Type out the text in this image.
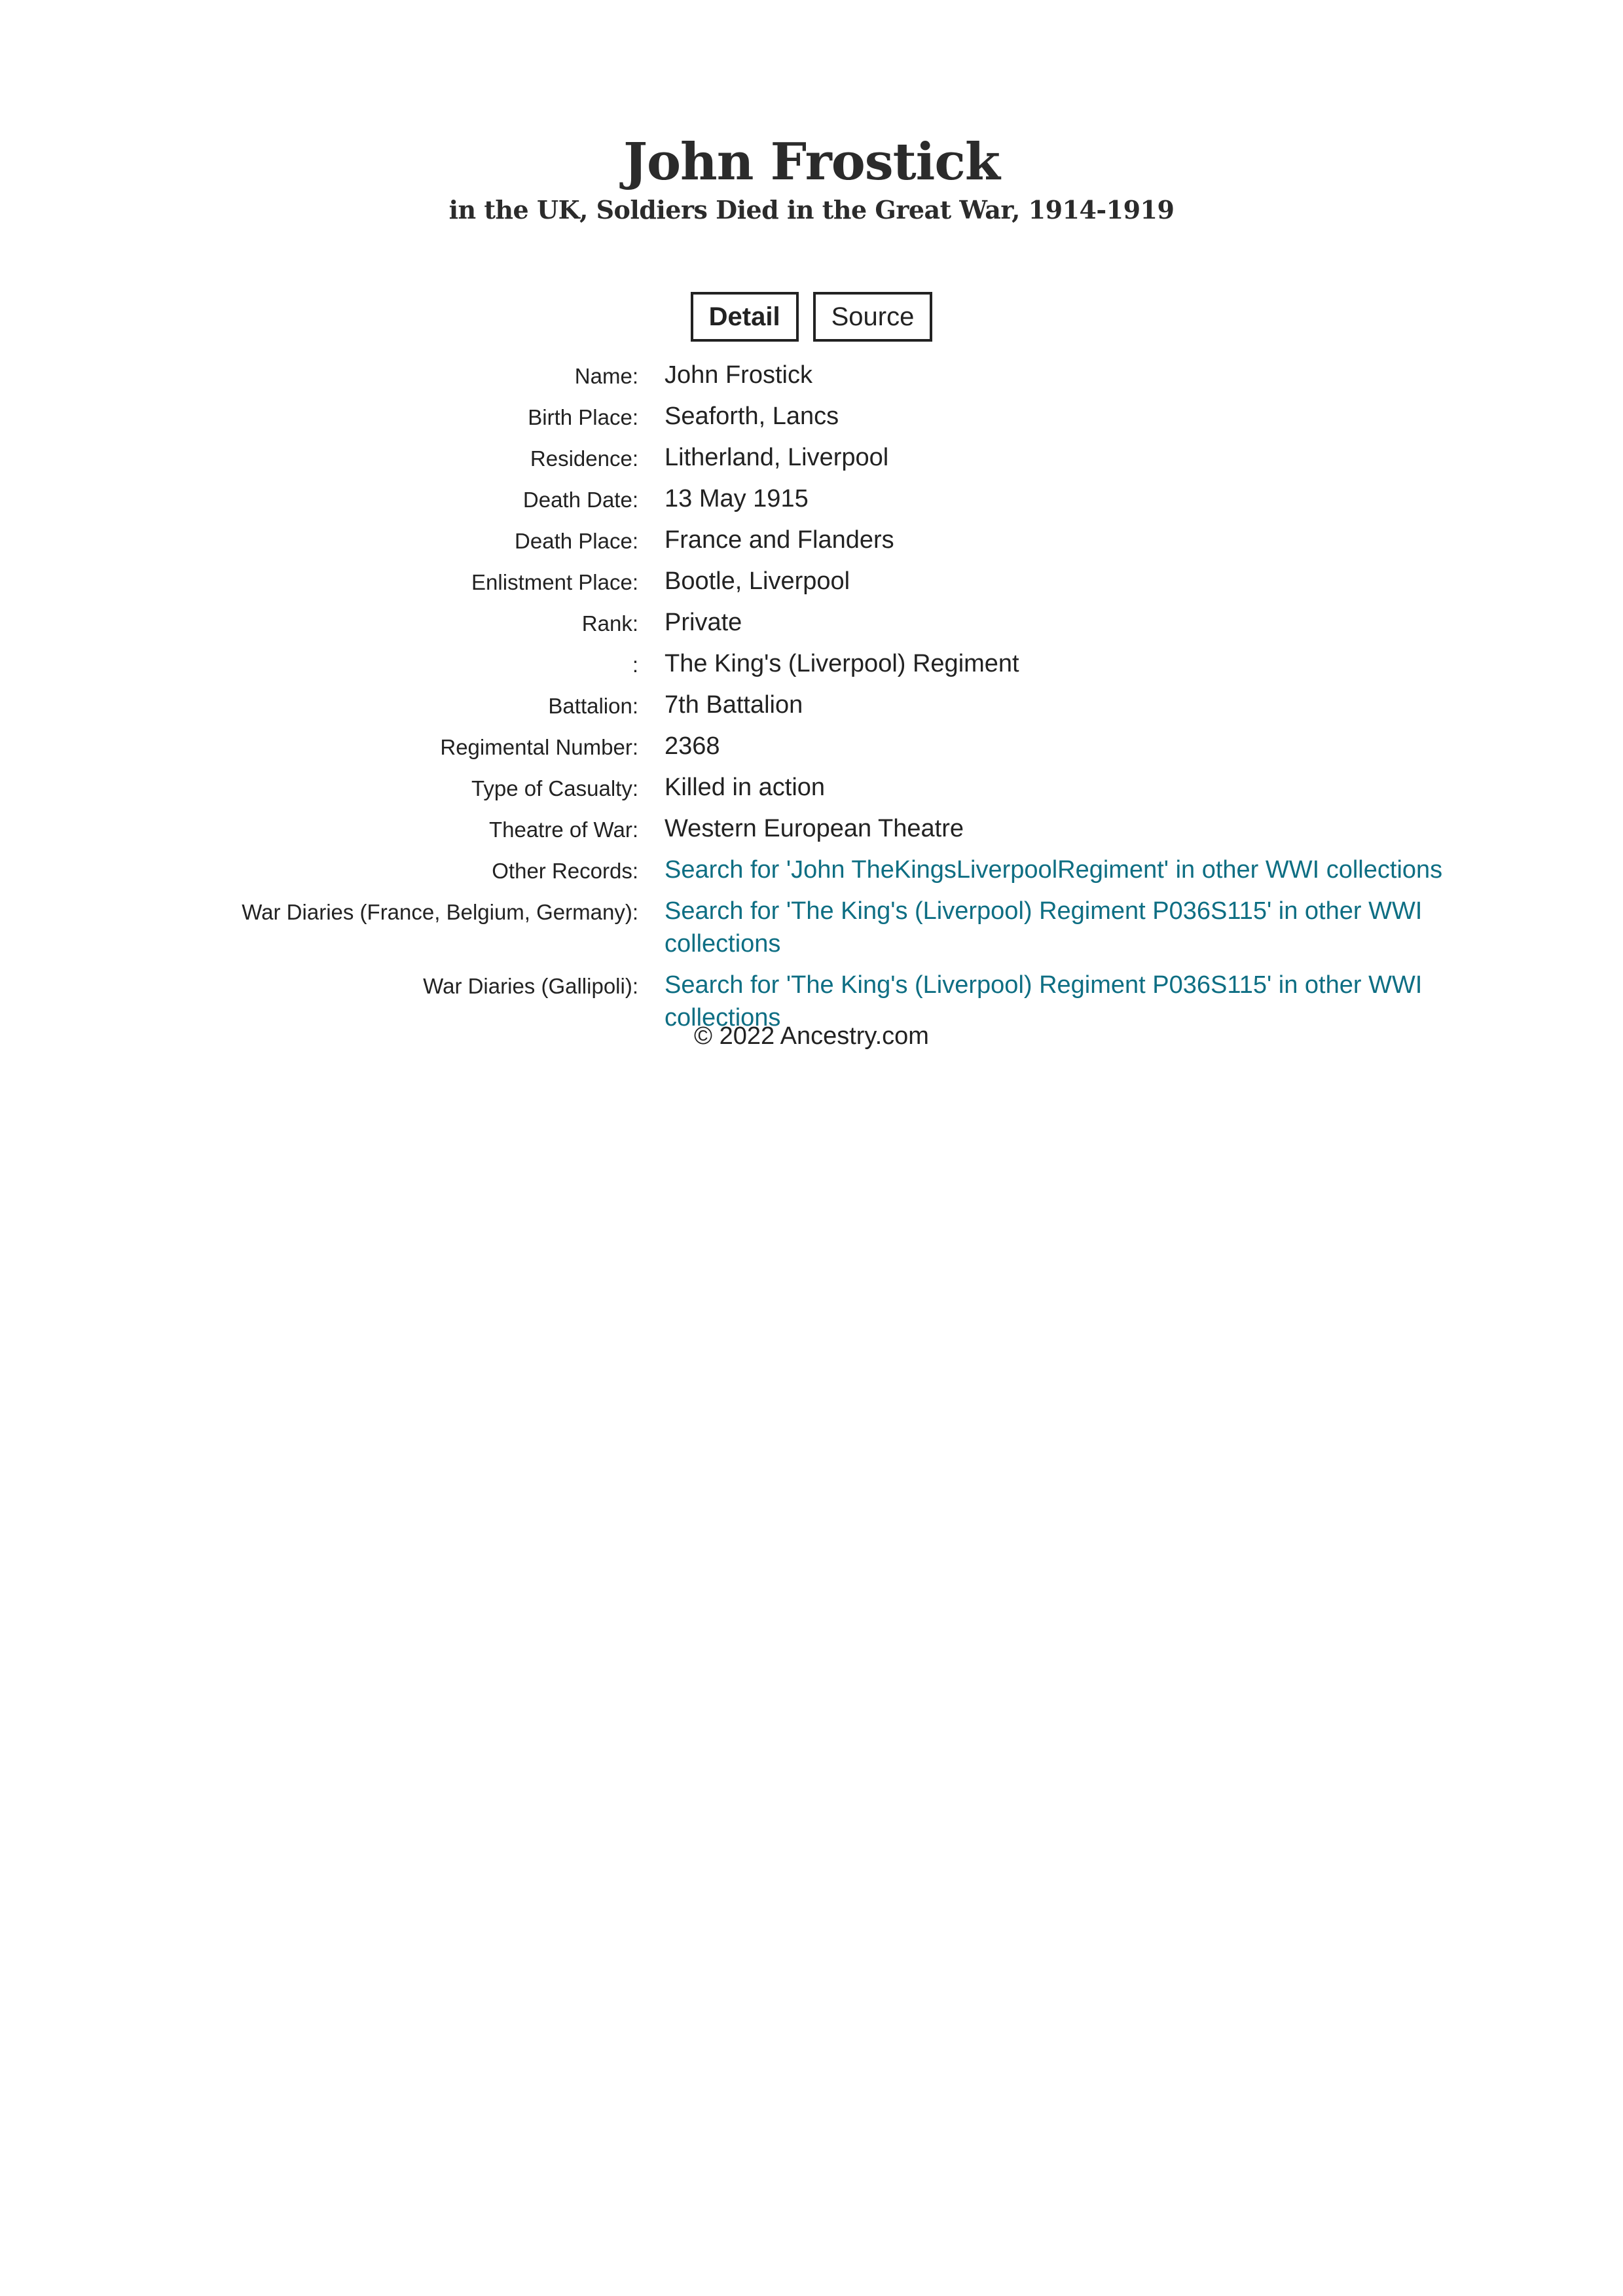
John Frostick
in the UK, Soldiers Died in the Great War, 1914-1919
Detail	Source
Name: John Frostick
Birth Place: Seaforth, Lancs
Residence: Litherland, Liverpool
Death Date: 13 May 1915
Death Place: France and Flanders
Enlistment Place: Bootle, Liverpool
Rank: Private
: The King's (Liverpool) Regiment
Battalion: 7th Battalion
Regimental Number: 2368
Type of Casualty: Killed in action
Theatre of War: Western European Theatre
Other Records: Search for 'John TheKingsLiverpoolRegiment' in other WWI collections
War Diaries (France, Belgium, Germany): Search for 'The King's (Liverpool) Regiment P036S115' in other WWI collections
War Diaries (Gallipoli): Search for 'The King's (Liverpool) Regiment P036S115' in other WWI collections
© 2022 Ancestry.com
